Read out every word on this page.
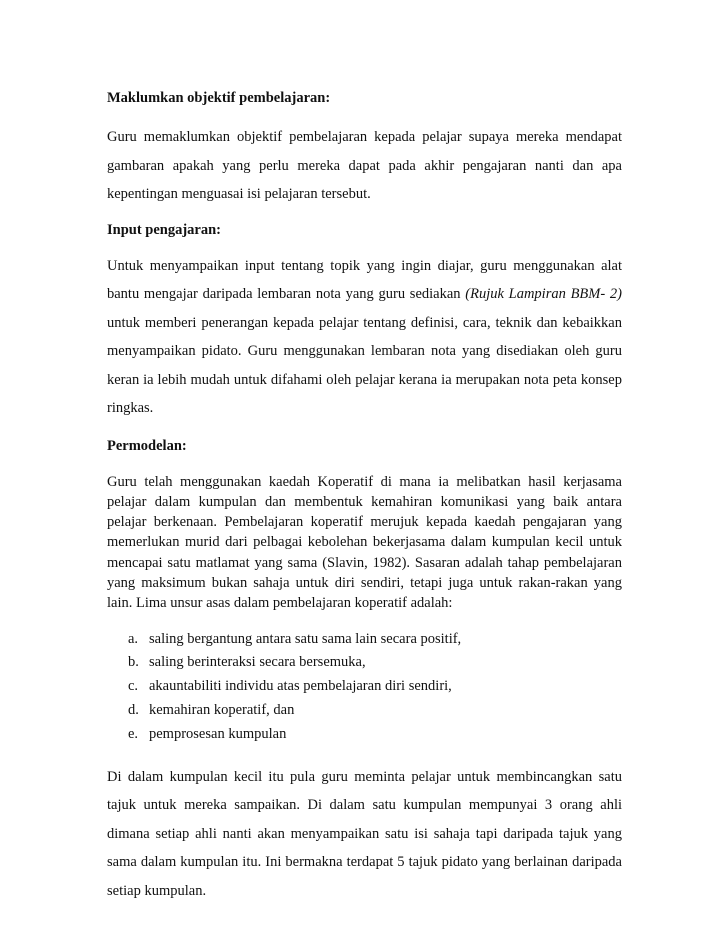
Maklumkan objektif pembelajaran:

Guru memaklumkan objektif pembelajaran kepada pelajar supaya mereka mendapat gambaran apakah yang perlu mereka dapat pada akhir pengajaran nanti dan apa kepentingan menguasai isi pelajaran tersebut.

Input pengajaran:

Untuk menyampaikan input tentang topik yang ingin diajar, guru menggunakan alat bantu mengajar daripada lembaran nota yang guru sediakan (Rujuk Lampiran BBM- 2) untuk memberi penerangan kepada pelajar tentang definisi, cara, teknik dan kebaikkan menyampaikan pidato. Guru menggunakan lembaran nota yang disediakan oleh guru keran ia lebih mudah untuk difahami oleh pelajar kerana ia merupakan nota peta konsep ringkas.

Permodelan:

Guru telah menggunakan kaedah Koperatif di mana ia melibatkan hasil kerjasama pelajar dalam kumpulan dan membentuk kemahiran komunikasi yang baik antara pelajar berkenaan. Pembelajaran koperatif merujuk kepada kaedah pengajaran yang memerlukan murid dari pelbagai kebolehan bekerjasama dalam kumpulan kecil untuk mencapai satu matlamat yang sama (Slavin, 1982). Sasaran adalah tahap pembelajaran yang maksimum bukan sahaja untuk diri sendiri, tetapi juga untuk rakan-rakan yang lain. Lima unsur asas dalam pembelajaran koperatif adalah:

a. saling bergantung antara satu sama lain secara positif,
b. saling berinteraksi secara bersemuka,
c. akauntabiliti individu atas pembelajaran diri sendiri,
d. kemahiran koperatif, dan
e. pemprosesan kumpulan

Di dalam kumpulan kecil itu pula guru meminta pelajar untuk membincangkan satu tajuk untuk mereka sampaikan. Di dalam satu kumpulan mempunyai 3 orang ahli dimana setiap ahli nanti akan menyampaikan satu isi sahaja tapi daripada tajuk yang sama dalam kumpulan itu. Ini bermakna terdapat 5 tajuk pidato yang berlainan daripada setiap kumpulan.
